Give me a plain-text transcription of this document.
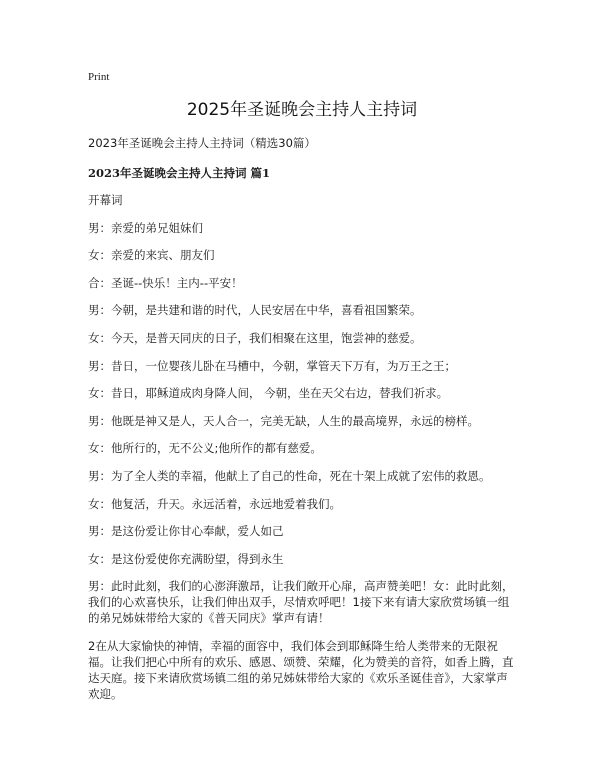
Print
2025年圣诞晚会主持人主持词
2023年圣诞晚会主持人主持词（精选30篇）
2023年圣诞晚会主持人主持词 篇1
开幕词
男：亲爱的弟兄姐妹们
女：亲爱的来宾、朋友们
合：圣诞--快乐！主内--平安！
男：今朝，是共建和谐的时代，人民安居在中华，喜看祖国繁荣。
女：今天，是普天同庆的日子，我们相聚在这里，饱尝神的慈爱。
男：昔日，一位婴孩儿卧在马槽中，今朝，掌管天下万有，为万王之王；
女：昔日，耶稣道成肉身降人间， 今朝，坐在天父右边，替我们祈求。
男：他既是神又是人，天人合一，完美无缺，人生的最高境界，永远的榜样。
女：他所行的，无不公义;他所作的都有慈爱。
男：为了全人类的幸福，他献上了自己的性命，死在十架上成就了宏伟的救恩。
女：他复活，升天。永远活着，永远地爱着我们。
男：是这份爱让你甘心奉献，爱人如己
女：是这份爱使你充满盼望，得到永生
男：此时此刻，我们的心澎湃激昂，让我们敞开心扉，高声赞美吧！女：此时此刻，我们的心欢喜快乐，让我们伸出双手，尽情欢呼吧！1接下来有请大家欣赏场镇一组的弟兄姊妹带给大家的《普天同庆》掌声有请！
2在从大家愉快的神情，幸福的面容中，我们体会到耶稣降生给人类带来的无限祝福。让我们把心中所有的欢乐、感恩、颂赞、荣耀，化为赞美的音符，如香上腾，直达天庭。接下来请欣赏场镇二组的弟兄姊妹带给大家的《欢乐圣诞佳音》，大家掌声欢迎。
